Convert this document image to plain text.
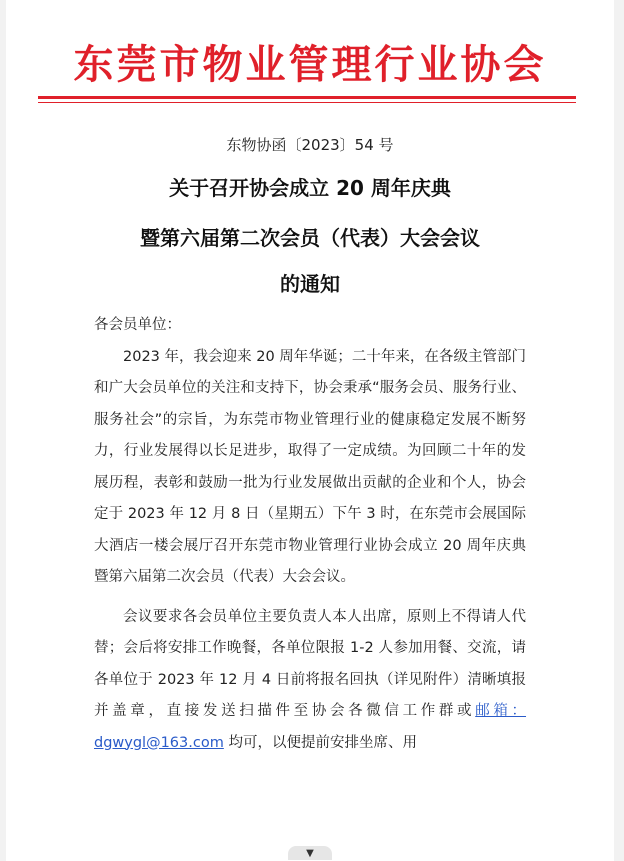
东莞市物业管理行业协会
东物协函〔2023〕54 号
关于召开协会成立 20 周年庆典
暨第六届第二次会员（代表）大会会议
的通知

各会员单位：

2023 年，我会迎来 20 周年华诞；二十年来，在各级主管部门和广大会员单位的关注和支持下，协会秉承“服务会员、服务行业、服务社会”的宗旨，为东莞市物业管理行业的健康稳定发展不断努力，行业发展得以长足进步，取得了一定成绩。为回顾二十年的发展历程，表彰和鼓励一批为行业发展做出贡献的企业和个人，协会定于 2023 年 12 月 8 日（星期五）下午 3 时，在东莞市会展国际大酒店一楼会展厅召开东莞市物业管理行业协会成立 20 周年庆典暨第六届第二次会员（代表）大会会议。

会议要求各会员单位主要负责人本人出席，原则上不得请人代替；会后将安排工作晚餐，各单位限报 1-2 人参加用餐、交流，请各单位于 2023 年 12 月 4 日前将报名回执（详见附件）清晰填报并盖章，直接发送扫描件至协会各微信工作群或邮箱：dgwygl@163.com 均可，以便提前安排坐席、用

▼
